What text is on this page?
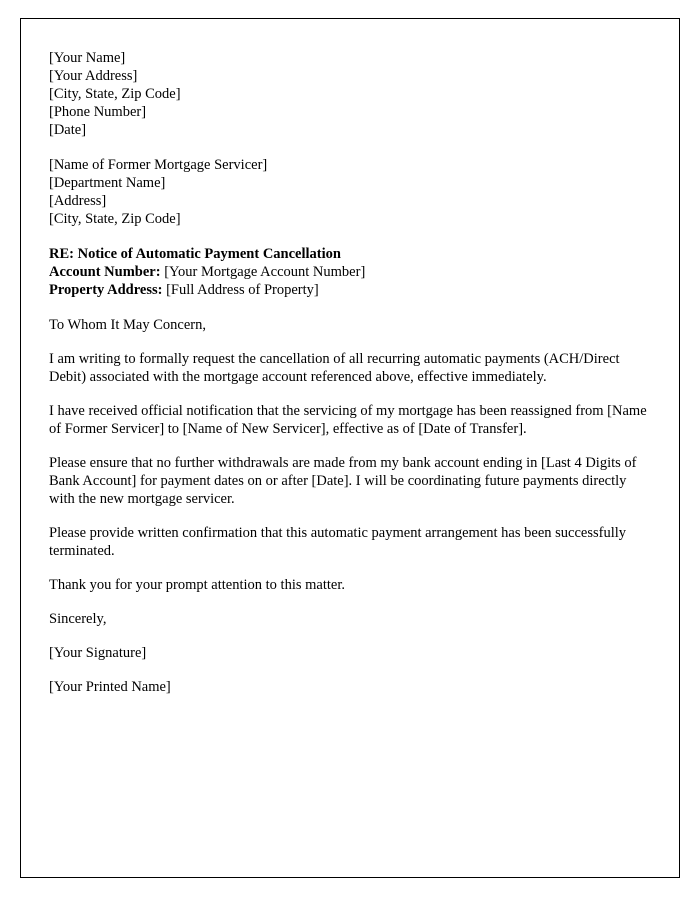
[Your Name]
[Your Address]
[City, State, Zip Code]
[Phone Number]
[Date]
[Name of Former Mortgage Servicer]
[Department Name]
[Address]
[City, State, Zip Code]
RE: Notice of Automatic Payment Cancellation
Account Number: [Your Mortgage Account Number]
Property Address: [Full Address of Property]

To Whom It May Concern,

I am writing to formally request the cancellation of all recurring automatic payments (ACH/Direct Debit) associated with the mortgage account referenced above, effective immediately.

I have received official notification that the servicing of my mortgage has been reassigned from [Name of Former Servicer] to [Name of New Servicer], effective as of [Date of Transfer].

Please ensure that no further withdrawals are made from my bank account ending in [Last 4 Digits of Bank Account] for payment dates on or after [Date]. I will be coordinating future payments directly with the new mortgage servicer.

Please provide written confirmation that this automatic payment arrangement has been successfully terminated.

Thank you for your prompt attention to this matter.

Sincerely,

[Your Signature]

[Your Printed Name]
